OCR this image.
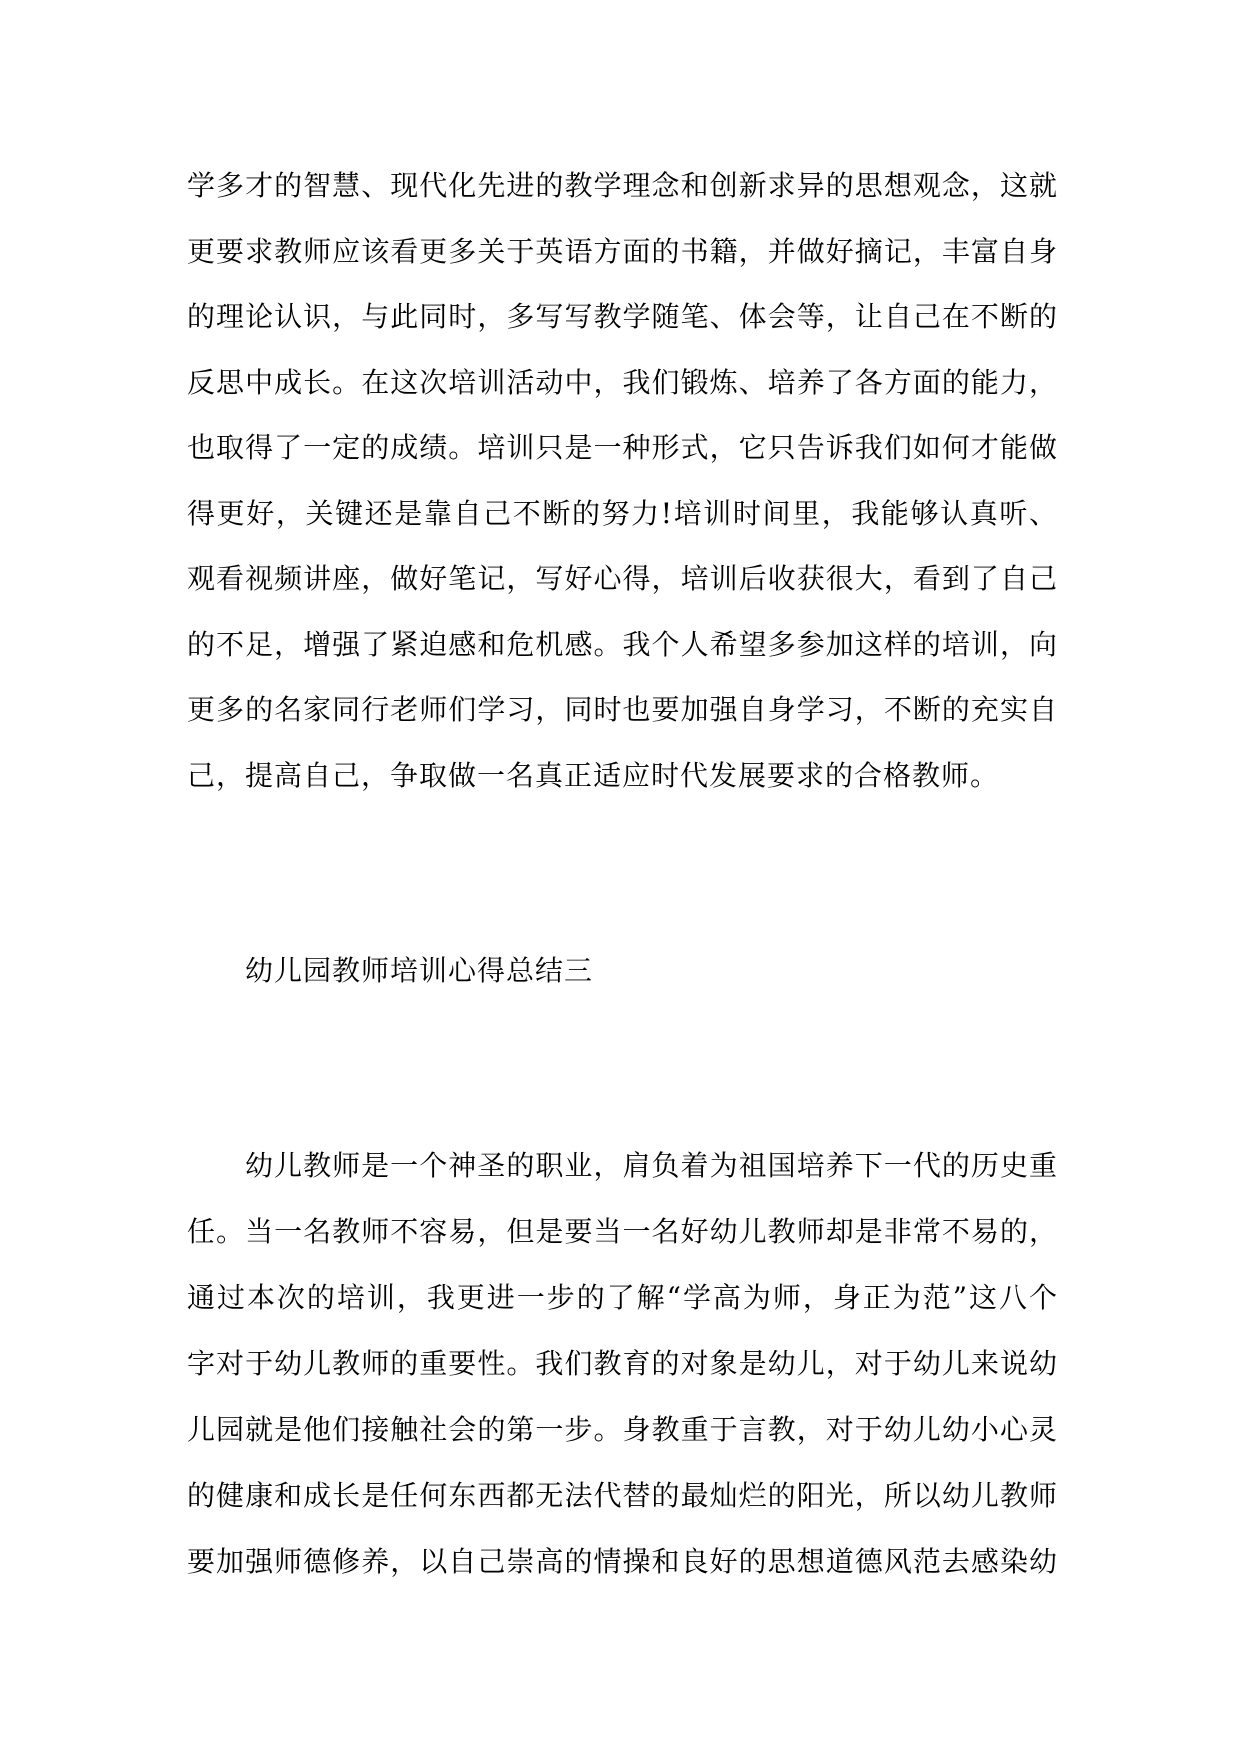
学多才的智慧、现代化先进的教学理念和创新求异的思想观念，这就
更要求教师应该看更多关于英语方面的书籍，并做好摘记，丰富自身
的理论认识，与此同时，多写写教学随笔、体会等，让自己在不断的
反思中成长。在这次培训活动中，我们锻炼、培养了各方面的能力，
也取得了一定的成绩。培训只是一种形式，它只告诉我们如何才能做
得更好，关键还是靠自己不断的努力!培训时间里，我能够认真听、
观看视频讲座，做好笔记，写好心得，培训后收获很大，看到了自己
的不足，增强了紧迫感和危机感。我个人希望多参加这样的培训，向
更多的名家同行老师们学习，同时也要加强自身学习，不断的充实自
己，提高自己，争取做一名真正适应时代发展要求的合格教师。
幼儿园教师培训心得总结三
幼儿教师是一个神圣的职业，肩负着为祖国培养下一代的历史重
任。当一名教师不容易，但是要当一名好幼儿教师却是非常不易的，
通过本次的培训，我更进一步的了解“学高为师，身正为范”这八个
字对于幼儿教师的重要性。我们教育的对象是幼儿，对于幼儿来说幼
儿园就是他们接触社会的第一步。身教重于言教，对于幼儿幼小心灵
的健康和成长是任何东西都无法代替的最灿烂的阳光，所以幼儿教师
要加强师德修养，以自己崇高的情操和良好的思想道德风范去感染幼
